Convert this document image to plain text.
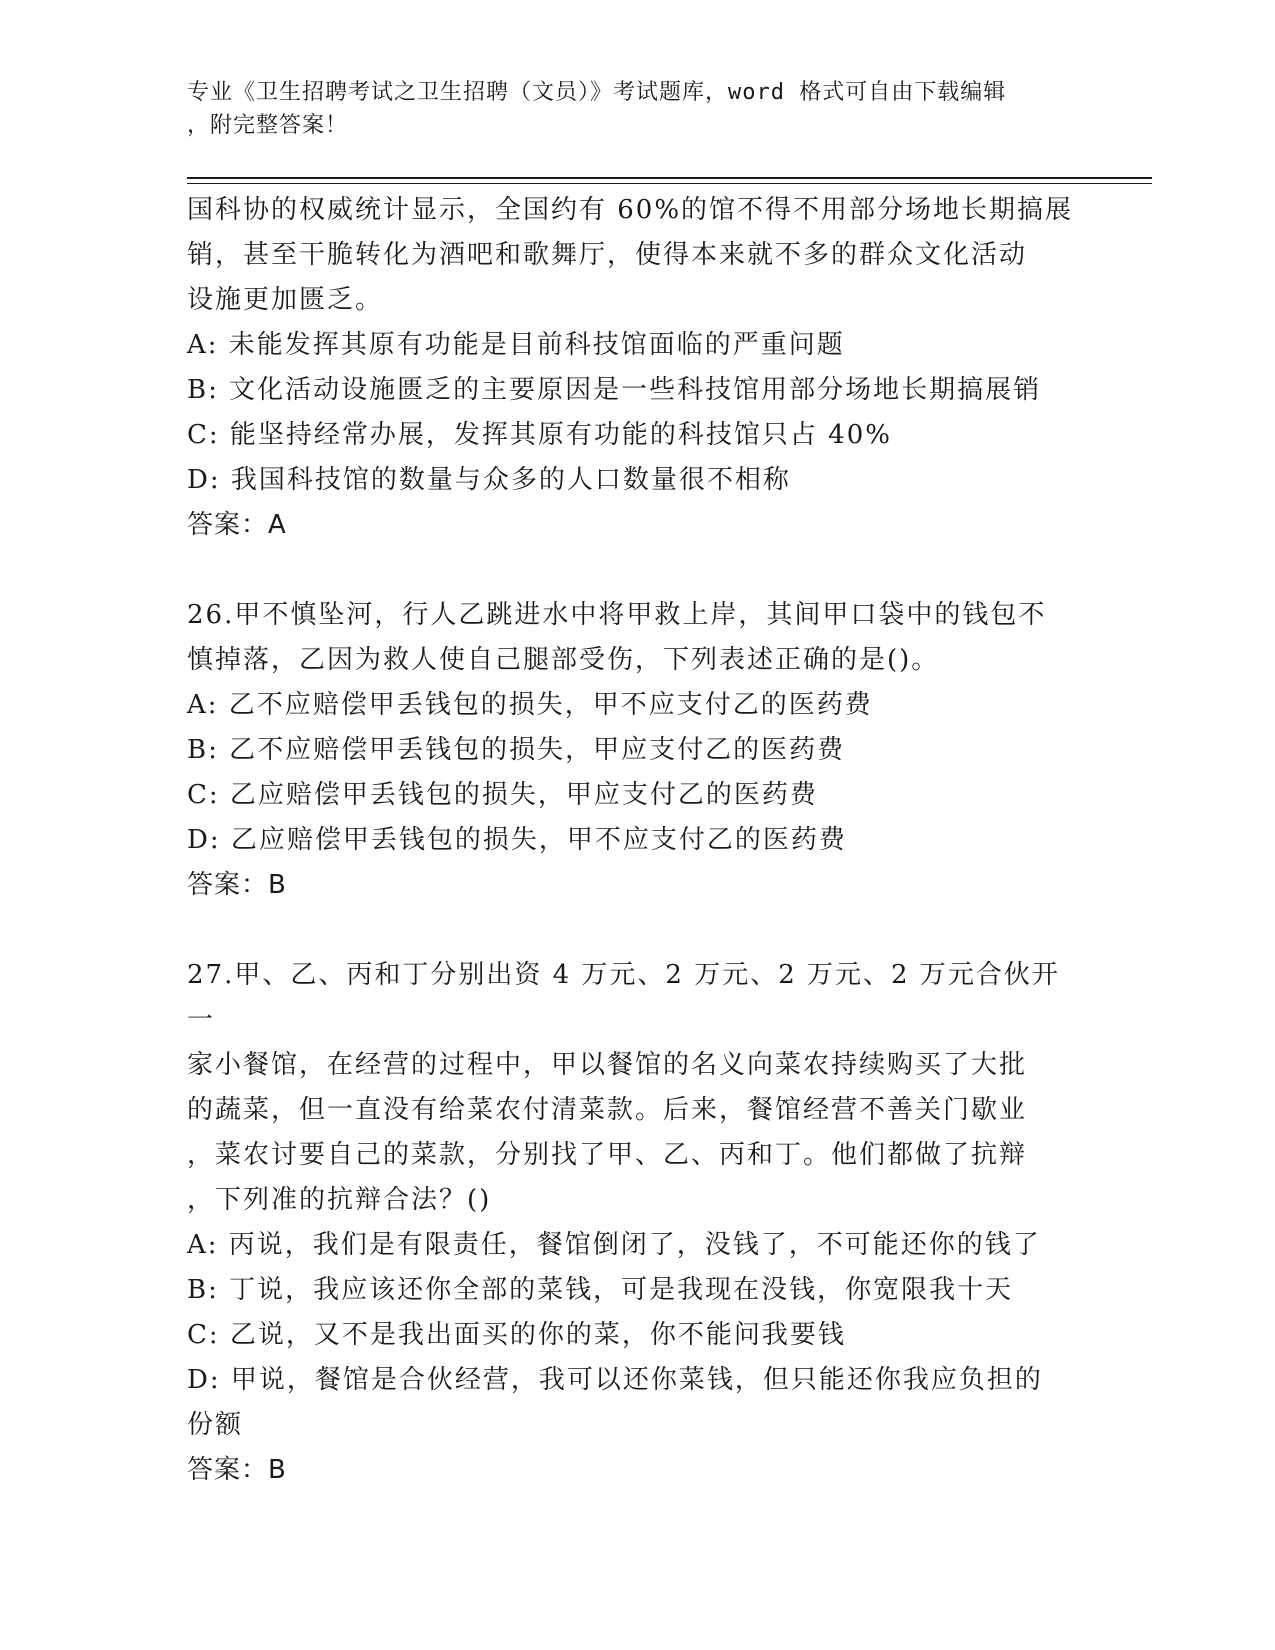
专业《卫生招聘考试之卫生招聘（文员）》考试题库，word 格式可自由下载编辑
，附完整答案！
国科协的权威统计显示，全国约有 60%的馆不得不用部分场地长期搞展
销，甚至干脆转化为酒吧和歌舞厅，使得本来就不多的群众文化活动
设施更加匮乏。
A: 未能发挥其原有功能是目前科技馆面临的严重问题
B: 文化活动设施匮乏的主要原因是一些科技馆用部分场地长期搞展销
C: 能坚持经常办展，发挥其原有功能的科技馆只占 40%
D: 我国科技馆的数量与众多的人口数量很不相称
答案：A
26.甲不慎坠河，行人乙跳进水中将甲救上岸，其间甲口袋中的钱包不
慎掉落，乙因为救人使自己腿部受伤，下列表述正确的是()。
A: 乙不应赔偿甲丢钱包的损失，甲不应支付乙的医药费
B: 乙不应赔偿甲丢钱包的损失，甲应支付乙的医药费
C: 乙应赔偿甲丢钱包的损失，甲应支付乙的医药费
D: 乙应赔偿甲丢钱包的损失，甲不应支付乙的医药费
答案：B
27.甲、乙、丙和丁分别出资 4 万元、2 万元、2 万元、2 万元合伙开一
家小餐馆，在经营的过程中，甲以餐馆的名义向菜农持续购买了大批
的蔬菜，但一直没有给菜农付清菜款。后来，餐馆经营不善关门歇业
，菜农讨要自己的菜款，分别找了甲、乙、丙和丁。他们都做了抗辩
，下列准的抗辩合法？()
A: 丙说，我们是有限责任，餐馆倒闭了，没钱了，不可能还你的钱了
B: 丁说，我应该还你全部的菜钱，可是我现在没钱，你宽限我十天
C: 乙说，又不是我出面买的你的菜，你不能问我要钱
D: 甲说，餐馆是合伙经营，我可以还你菜钱，但只能还你我应负担的
份额
答案：B
